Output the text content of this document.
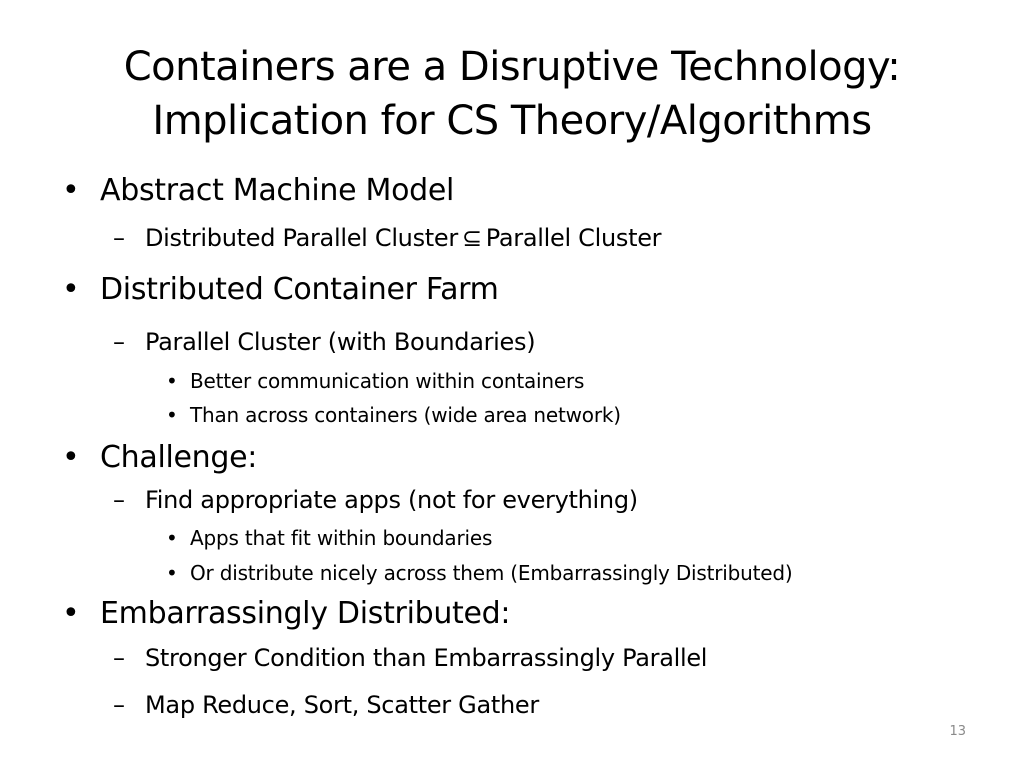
Containers are a Disruptive Technology:
Implication for CS Theory/Algorithms
• Abstract Machine Model
– Distributed Parallel Cluster ⊆ Parallel Cluster
• Distributed Container Farm
– Parallel Cluster (with Boundaries)
• Better communication within containers
• Than across containers (wide area network)
• Challenge:
– Find appropriate apps (not for everything)
• Apps that fit within boundaries
• Or distribute nicely across them (Embarrassingly Distributed)
• Embarrassingly Distributed:
– Stronger Condition than Embarrassingly Parallel
– Map Reduce, Sort, Scatter Gather
13
